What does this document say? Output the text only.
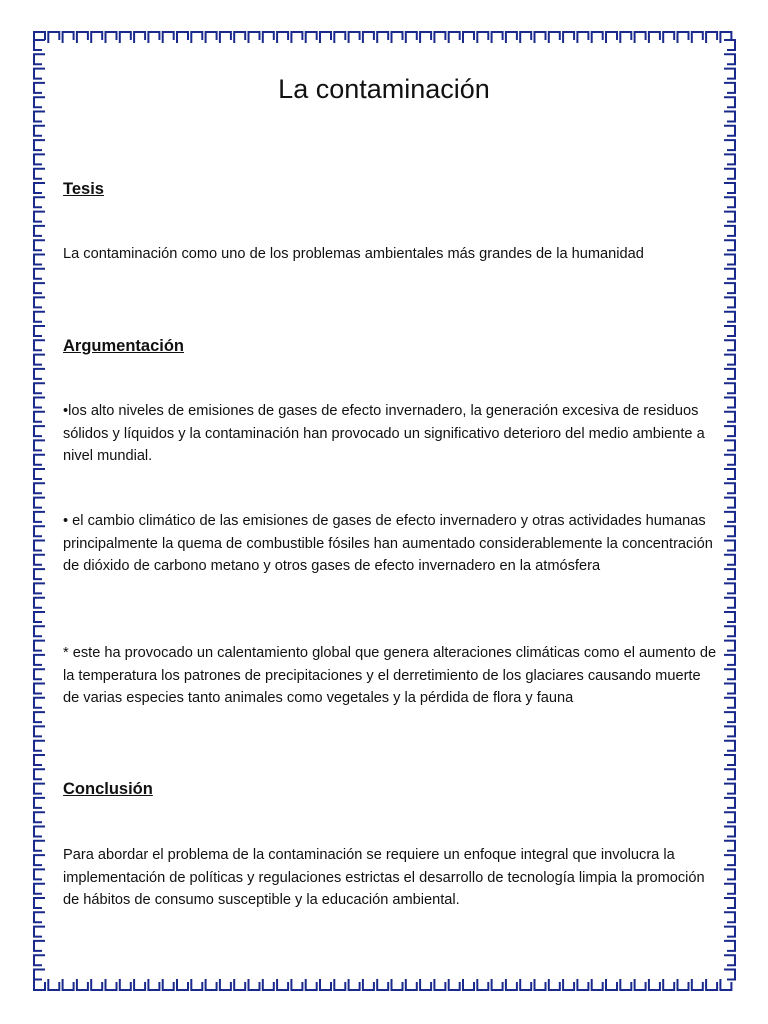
La contaminación
Tesis

La contaminación como uno de los problemas ambientales más grandes de la humanidad

Argumentación

•los alto niveles de emisiones de gases de efecto invernadero, la generación excesiva de residuos sólidos y líquidos y la contaminación han provocado un significativo deterioro del medio ambiente a nivel mundial.

• el cambio climático de las emisiones de gases de efecto invernadero y otras actividades humanas principalmente la quema de combustible fósiles han aumentado considerablemente la concentración de dióxido de carbono metano y otros gases de efecto invernadero en la atmósfera

* este ha provocado un calentamiento global que genera alteraciones climáticas como el aumento de la temperatura los patrones de precipitaciones y el derretimiento de los glaciares causando muerte de varias especies tanto animales como vegetales y la pérdida de flora y fauna

Conclusión

Para abordar el problema de la contaminación se requiere un enfoque integral que involucra la implementación de políticas y regulaciones estrictas el desarrollo de tecnología limpia la promoción de hábitos de consumo susceptible y la educación ambiental.
